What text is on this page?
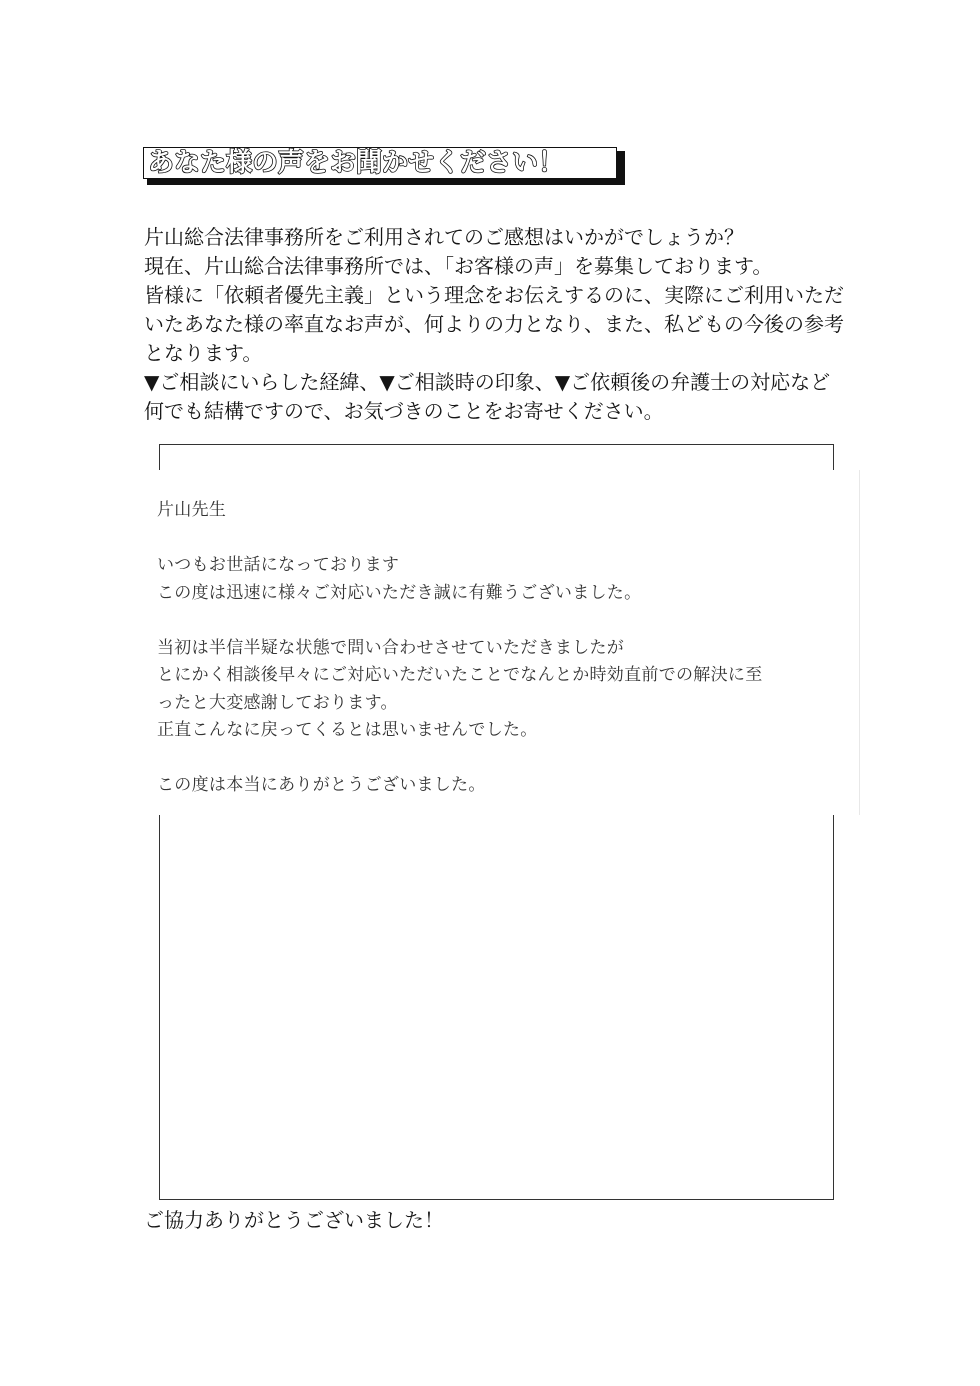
あなた様の声をお聞かせください！

片山総合法律事務所をご利用されてのご感想はいかがでしょうか？

現在、片山総合法律事務所では、「お客様の声」を募集しております。

皆様に「依頼者優先主義」という理念をお伝えするのに、実際にご利用いただ

いたあなた様の率直なお声が、何よりの力となり、また、私どもの今後の参考

となります。

▼ご相談にいらした経緯、▼ご相談時の印象、▼ご依頼後の弁護士の対応など

何でも結構ですので、お気づきのことをお寄せください。

片山先生

いつもお世話になっております

この度は迅速に様々ご対応いただき誠に有難うございました。

当初は半信半疑な状態で問い合わせさせていただきましたが

とにかく相談後早々にご対応いただいたことでなんとか時効直前での解決に至

ったと大変感謝しております。

正直こんなに戻ってくるとは思いませんでした。

この度は本当にありがとうございました。

ご協力ありがとうございました！
